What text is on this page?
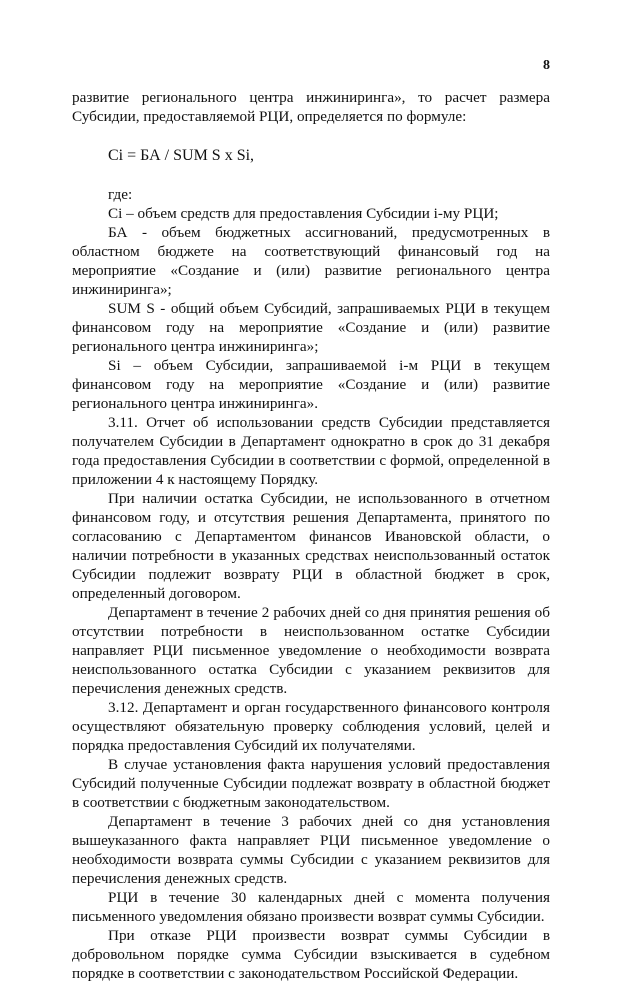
8

развитие регионального центра инжиниринга», то расчет размера Субсидии, предоставляемой РЦИ, определяется по формуле:

Ci = БА / SUM S x Si,

где:

Ci – объем средств для предоставления Субсидии i-му РЦИ;

БА - объем бюджетных ассигнований, предусмотренных в областном бюджете на соответствующий финансовый год на мероприятие «Создание и (или) развитие регионального центра инжиниринга»;

SUM S - общий объем Субсидий, запрашиваемых РЦИ в текущем финансовом году на мероприятие «Создание и (или) развитие регионального центра инжиниринга»;

Si – объем Субсидии, запрашиваемой i-м РЦИ в текущем финансовом году на мероприятие «Создание и (или) развитие регионального центра инжиниринга».

3.11. Отчет об использовании средств Субсидии представляется получателем Субсидии в Департамент однократно в срок до 31 декабря года предоставления Субсидии в соответствии с формой, определенной в приложении 4 к настоящему Порядку.

При наличии остатка Субсидии, не использованного в отчетном финансовом году, и отсутствия решения Департамента, принятого по согласованию с Департаментом финансов Ивановской области, о наличии потребности в указанных средствах неиспользованный остаток Субсидии подлежит возврату РЦИ в областной бюджет в срок, определенный договором.

Департамент в течение 2 рабочих дней со дня принятия решения об отсутствии потребности в неиспользованном остатке Субсидии направляет РЦИ письменное уведомление о необходимости возврата неиспользованного остатка Субсидии с указанием реквизитов для перечисления денежных средств.

3.12. Департамент и орган государственного финансового контроля осуществляют обязательную проверку соблюдения условий, целей и порядка предоставления Субсидий их получателями.

В случае установления факта нарушения условий предоставления Субсидий полученные Субсидии подлежат возврату в областной бюджет в соответствии с бюджетным законодательством.

Департамент в течение 3 рабочих дней со дня установления вышеуказанного факта направляет РЦИ письменное уведомление о необходимости возврата суммы Субсидии с указанием реквизитов для перечисления денежных средств.

РЦИ в течение 30 календарных дней с момента получения письменного уведомления обязано произвести возврат суммы Субсидии.

При отказе РЦИ произвести возврат суммы Субсидии в добровольном порядке сумма Субсидии взыскивается в судебном порядке в соответствии с законодательством Российской Федерации.
